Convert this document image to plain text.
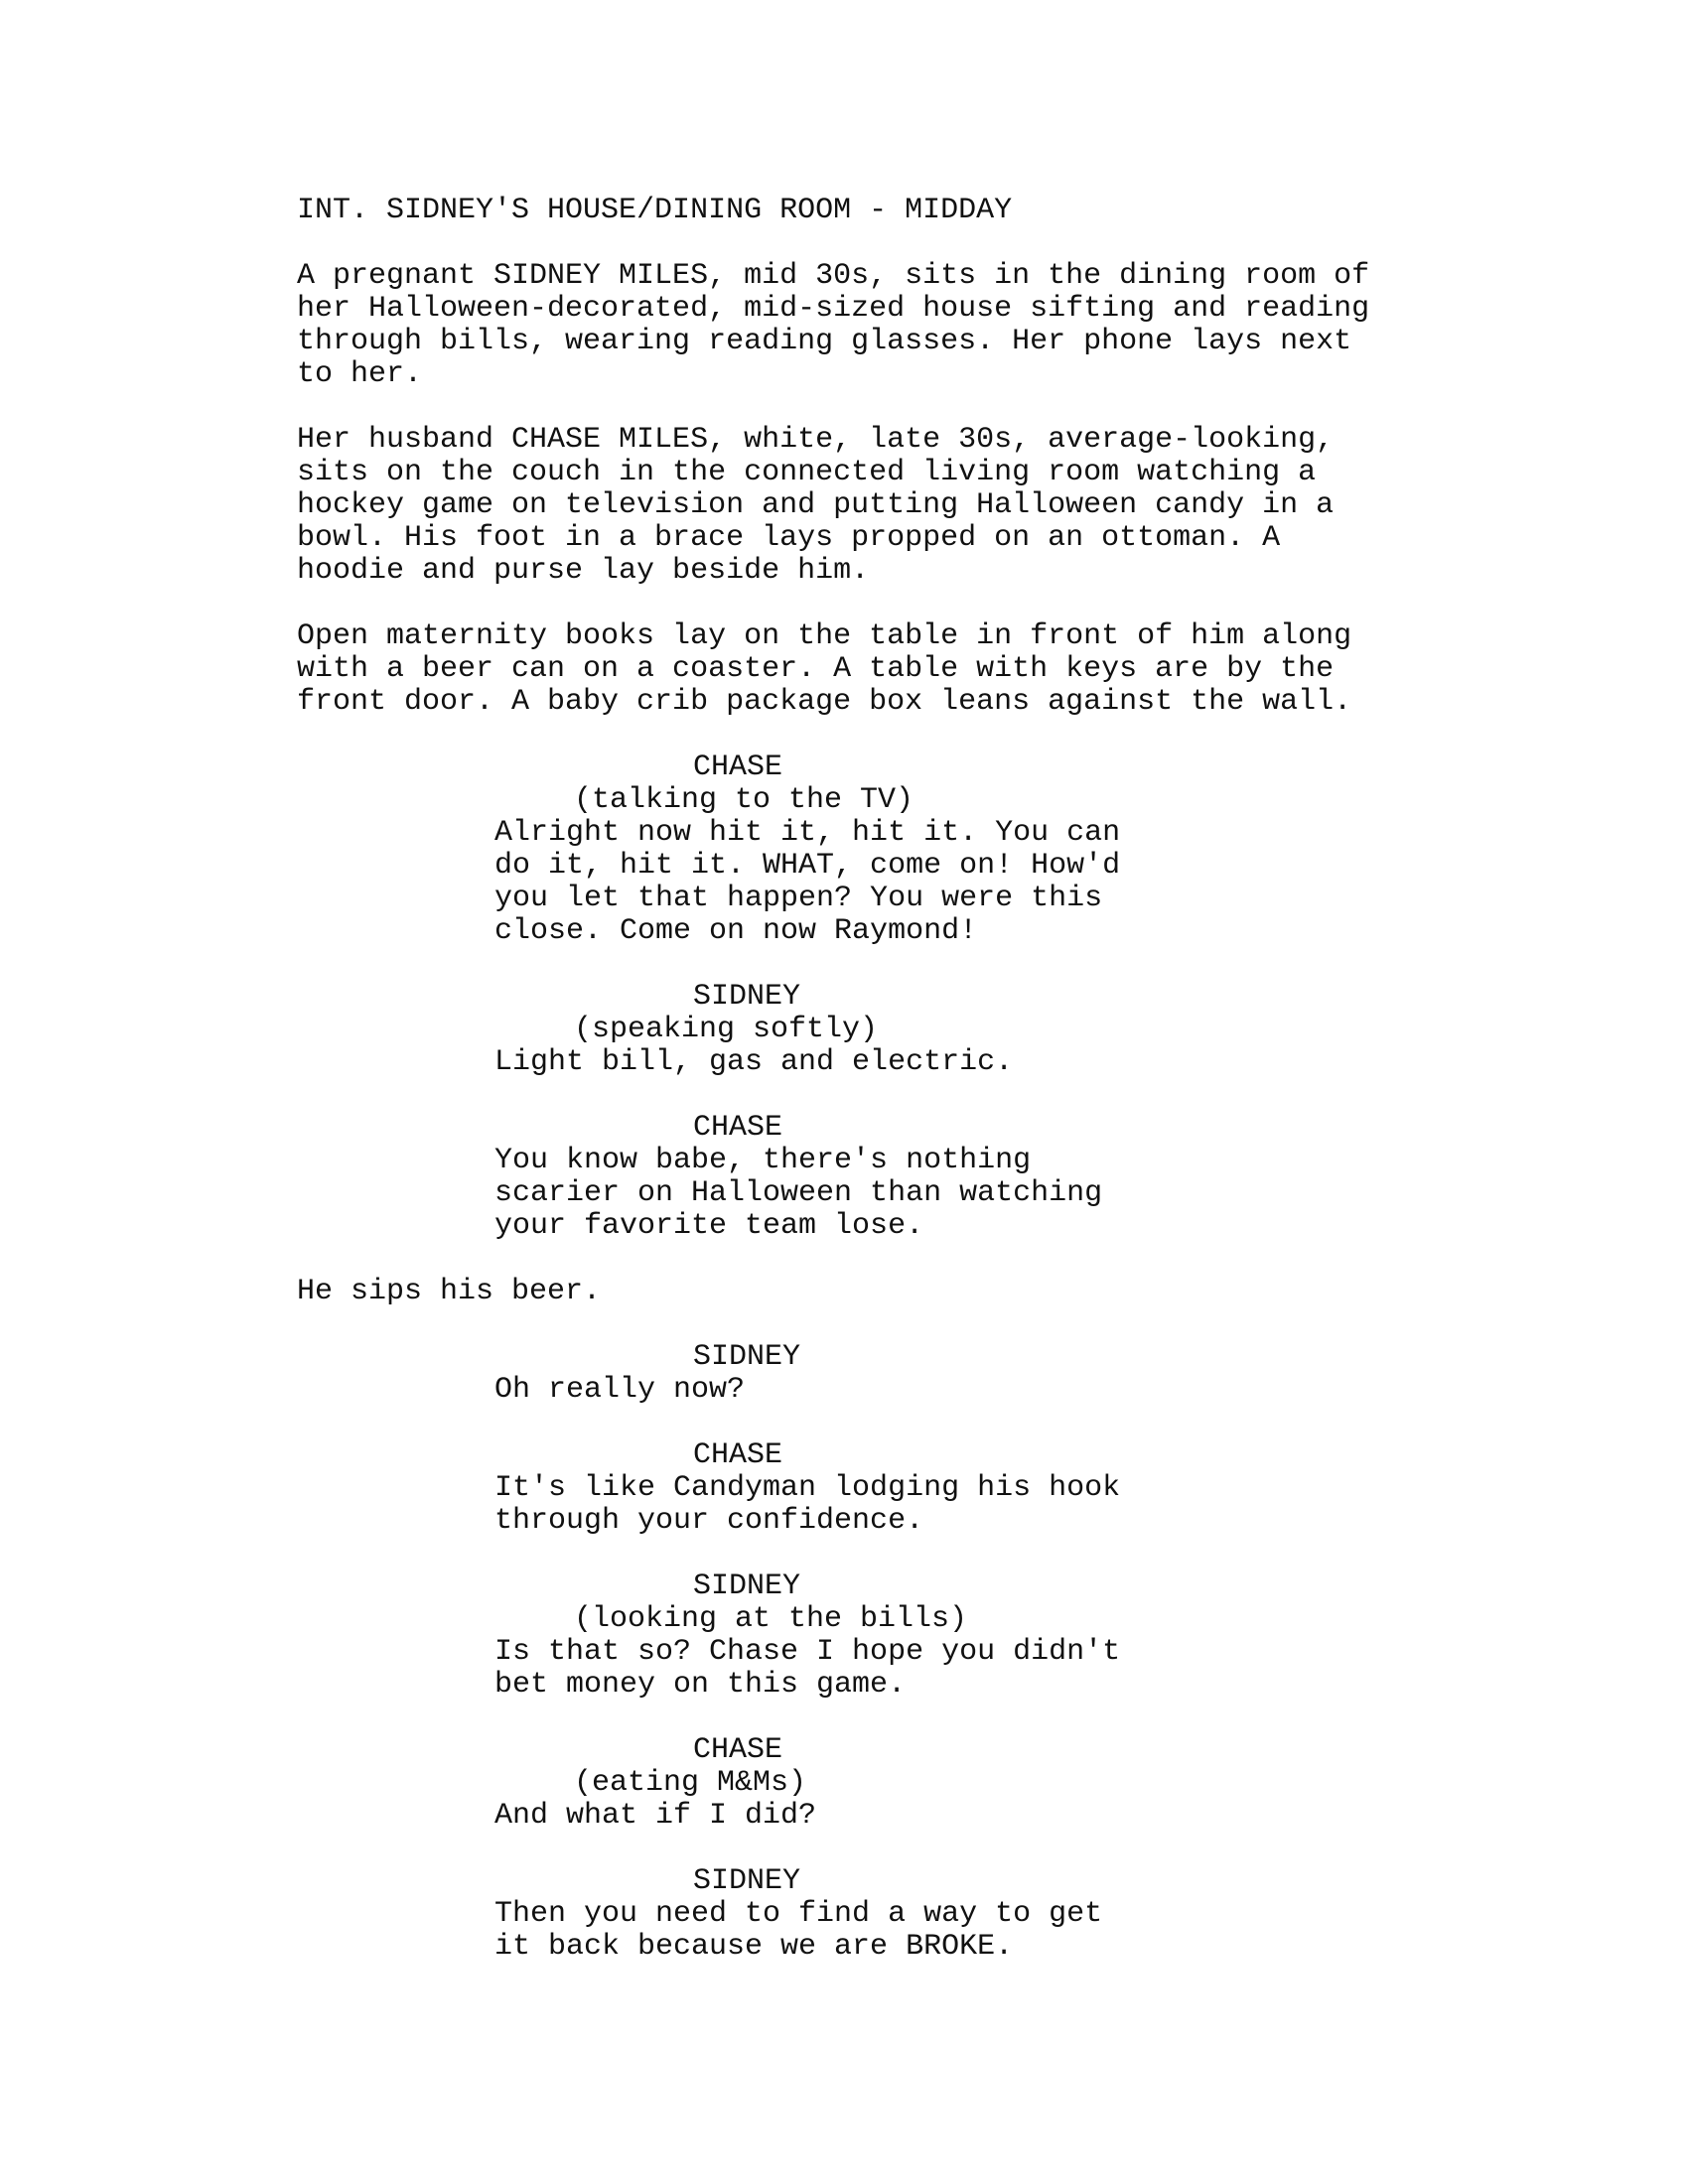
INT. SIDNEY'S HOUSE/DINING ROOM - MIDDAY

A pregnant SIDNEY MILES, mid 30s, sits in the dining room of
her Halloween-decorated, mid-sized house sifting and reading
through bills, wearing reading glasses. Her phone lays next
to her.

Her husband CHASE MILES, white, late 30s, average-looking,
sits on the couch in the connected living room watching a
hockey game on television and putting Halloween candy in a
bowl. His foot in a brace lays propped on an ottoman. A
hoodie and purse lay beside him.

Open maternity books lay on the table in front of him along
with a beer can on a coaster. A table with keys are by the
front door. A baby crib package box leans against the wall.

CHASE

(talking to the TV)

Alright now hit it, hit it. You can
do it, hit it. WHAT, come on! How'd
you let that happen? You were this
close. Come on now Raymond!

SIDNEY

(speaking softly)

Light bill, gas and electric.

CHASE

You know babe, there's nothing
scarier on Halloween than watching
your favorite team lose.

He sips his beer.

SIDNEY

Oh really now?

CHASE

It's like Candyman lodging his hook
through your confidence.

SIDNEY

(looking at the bills)

Is that so? Chase I hope you didn't
bet money on this game.

CHASE

(eating M&Ms)

And what if I did?

SIDNEY

Then you need to find a way to get
it back because we are BROKE.
